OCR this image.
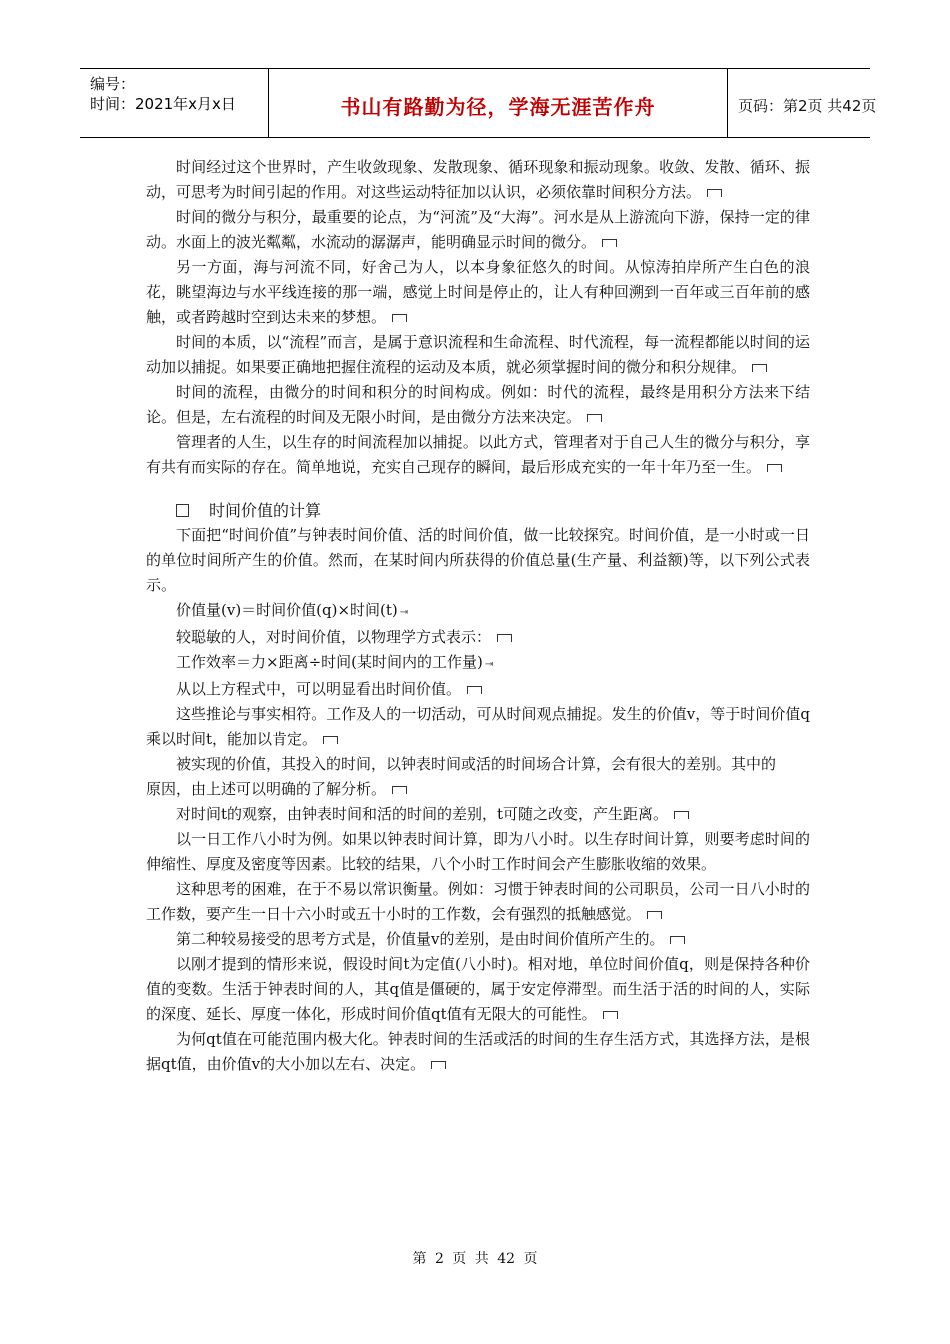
编号：
时间：2021年x月x日	书山有路勤为径，学海无涯苦作舟	页码：第2页 共42页

时间经过这个世界时，产生收敛现象、发散现象、循环现象和振动现象。收敛、发散、循环、振动，可思考为时间引起的作用。对这些运动特征加以认识，必须依靠时间积分方法。

时间的微分与积分，最重要的论点，为“河流”及“大海”。河水是从上游流向下游，保持一定的律动。水面上的波光粼粼，水流动的潺潺声，能明确显示时间的微分。

另一方面，海与河流不同，好舍己为人，以本身象征悠久的时间。从惊涛拍岸所产生白色的浪花，眺望海边与水平线连接的那一端，感觉上时间是停止的，让人有种回溯到一百年或三百年前的感触，或者跨越时空到达未来的梦想。

时间的本质，以“流程”而言，是属于意识流程和生命流程、时代流程，每一流程都能以时间的运动加以捕捉。如果要正确地把握住流程的运动及本质，就必须掌握时间的微分和积分规律。

时间的流程，由微分的时间和积分的时间构成。例如：时代的流程，最终是用积分方法来下结论。但是，左右流程的时间及无限小时间，是由微分方法来决定。

管理者的人生，以生存的时间流程加以捕捉。以此方式，管理者对于自己人生的微分与积分，享有共有而实际的存在。简单地说，充实自己现存的瞬间，最后形成充实的一年十年乃至一生。

时间价值的计算

下面把“时间价值”与钟表时间价值、活的时间价值，做一比较探究。时间价值，是一小时或一日的单位时间所产生的价值。然而，在某时间内所获得的价值总量(生产量、利益额)等，以下列公式表示。

价值量(v)＝时间价值(q)×时间(t) ⇥

较聪敏的人，对时间价值，以物理学方式表示：

工作效率＝力×距离÷时间(某时间内的工作量) ⇥

从以上方程式中，可以明显看出时间价值。

这些推论与事实相符。工作及人的一切活动，可从时间观点捕捉。发生的价值v，等于时间价值q乘以时间t，能加以肯定。

被实现的价值，其投入的时间，以钟表时间或活的时间场合计算，会有很大的差别。其中的

原因，由上述可以明确的了解分析。

对时间t的观察，由钟表时间和活的时间的差别，t可随之改变，产生距离。

以一日工作八小时为例。如果以钟表时间计算，即为八小时。以生存时间计算，则要考虑时间的伸缩性、厚度及密度等因素。比较的结果，八个小时工作时间会产生膨胀收缩的效果。

这种思考的困难，在于不易以常识衡量。例如：习惯于钟表时间的公司职员，公司一日八小时的工作数，要产生一日十六小时或五十小时的工作数，会有强烈的抵触感觉。

第二种较易接受的思考方式是，价值量v的差别，是由时间价值所产生的。

以刚才提到的情形来说，假设时间t为定值(八小时)。相对地，单位时间价值q，则是保持各种价值的变数。生活于钟表时间的人，其q值是僵硬的，属于安定停滞型。而生活于活的时间的人，实际的深度、延长、厚度一体化，形成时间价值qt值有无限大的可能性。

为何qt值在可能范围内极大化。钟表时间的生活或活的时间的生存生活方式，其选择方法，是根据qt值，由价值v的大小加以左右、决定。

第 2 页 共 42 页
